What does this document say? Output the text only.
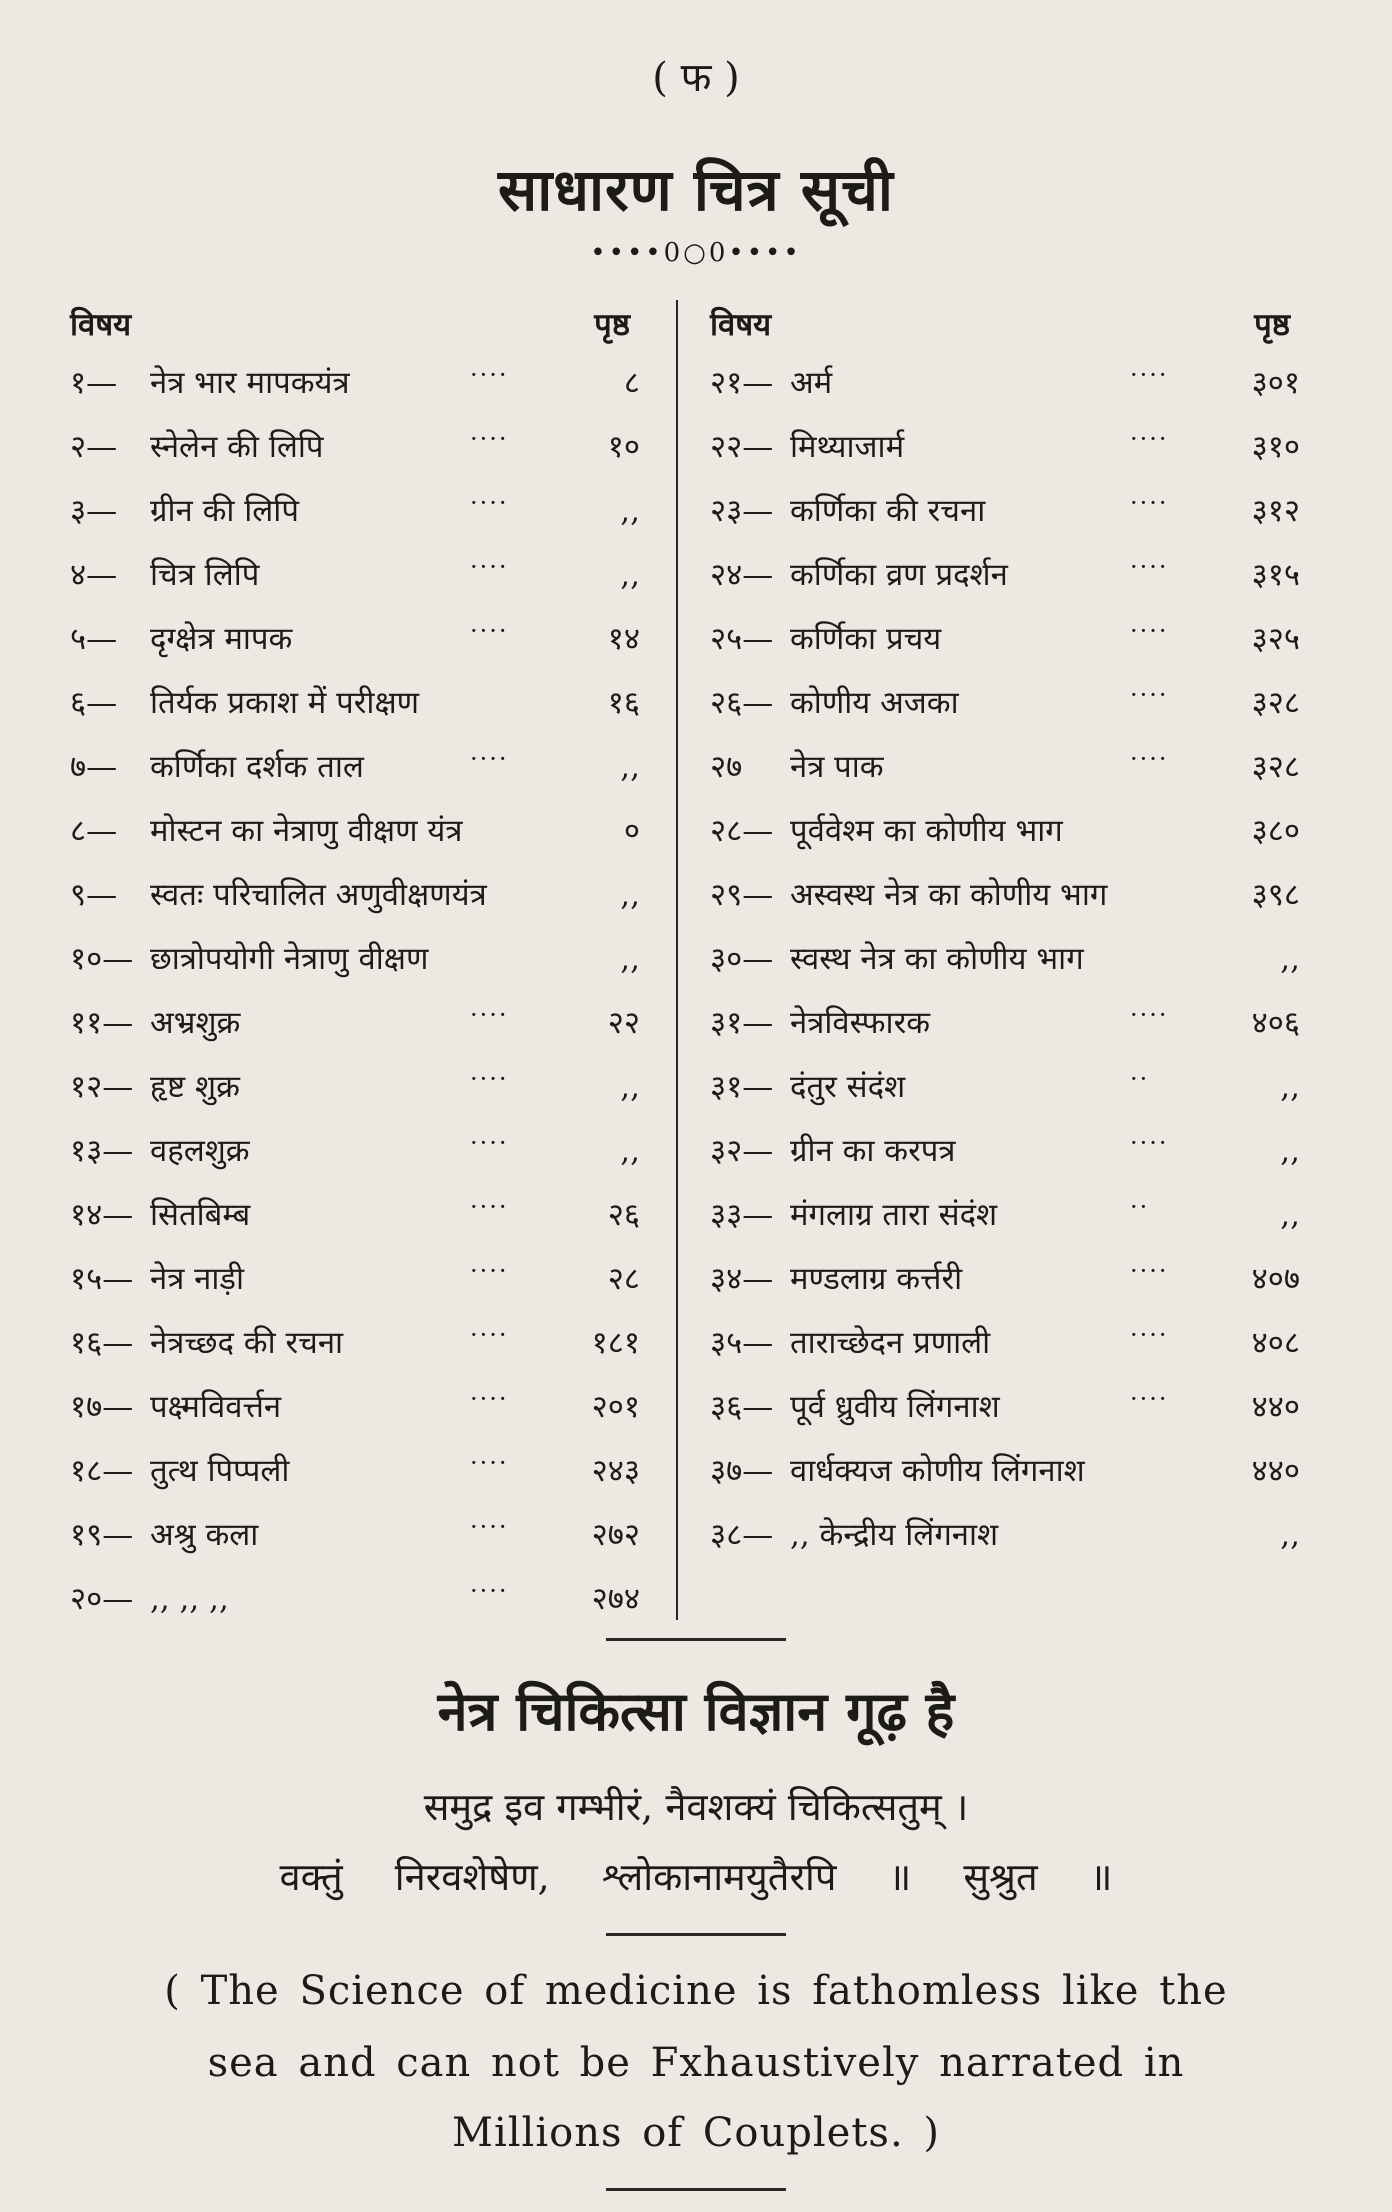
( फ )
साधारण चित्र सूची
••••0○0••••
विषय	पृष्ठ
१— नेत्र भार मापकयंत्र	····	८
२— स्नेलेन की लिपि	····	१०
३— ग्रीन की लिपि	····	,,
४— चित्र लिपि	····	,,
५— दृग्क्षेत्र मापक	····	१४
६— तिर्यक प्रकाश में परीक्षण	१६
७— कर्णिका दर्शक ताल	····	,,
८— मोस्टन का नेत्राणु वीक्षण यंत्र	०
९— स्वतः परिचालित अणुवीक्षणयंत्र	,,
१०— छात्रोपयोगी नेत्राणु वीक्षण	,,
११— अभ्रशुक्र	····	२२
१२— हृष्ट शुक्र	····	,,
१३— वहलशुक्र	····	,,
१४— सितबिम्ब	····	२६
१५— नेत्र नाड़ी	····	२८
१६— नेत्रच्छद की रचना	····	१८१
१७— पक्ष्मविवर्त्तन	····	२०१
१८— तुत्थ पिप्पली	····	२४३
१९— अश्रु कला	····	२७२
२०— ,, ,, ,,	····	२७४
विषय	पृष्ठ
२१— अर्म	····	३०१
२२— मिथ्याजार्म	····	३१०
२३— कर्णिका की रचना	····	३१२
२४— कर्णिका व्रण प्रदर्शन	····	३१५
२५— कर्णिका प्रचय	····	३२५
२६— कोणीय अजका	····	३२८
२७ नेत्र पाक	····	३२८
२८— पूर्ववेश्म का कोणीय भाग	३८०
२९— अस्वस्थ नेत्र का कोणीय भाग	३९८
३०— स्वस्थ नेत्र का कोणीय भाग	,,
३१— नेत्रविस्फारक	····	४०६
३१— दंतुर संदंश	··	,,
३२— ग्रीन का करपत्र	····	,,
३३— मंगलाग्र तारा संदंश	··	,,
३४— मण्डलाग्र कर्त्तरी	····	४०७
३५— ताराच्छेदन प्रणाली	····	४०८
३६— पूर्व ध्रुवीय लिंगनाश	····	४४०
३७— वार्धक्यज कोणीय लिंगनाश	४४०
३८— ,, केन्द्रीय लिंगनाश	,,
नेत्र चिकित्सा विज्ञान गूढ़ है
समुद्र इव गम्भीरं, नैवशक्यं चिकित्सतुम् ।
वक्तुं निरवशेषेण, श्लोकानामयुतैरपि ॥ सुश्रुत ॥
( The Science of medicine is fathomless like the
sea and can not be Fxhaustively narrated in
Millions of Couplets. )
